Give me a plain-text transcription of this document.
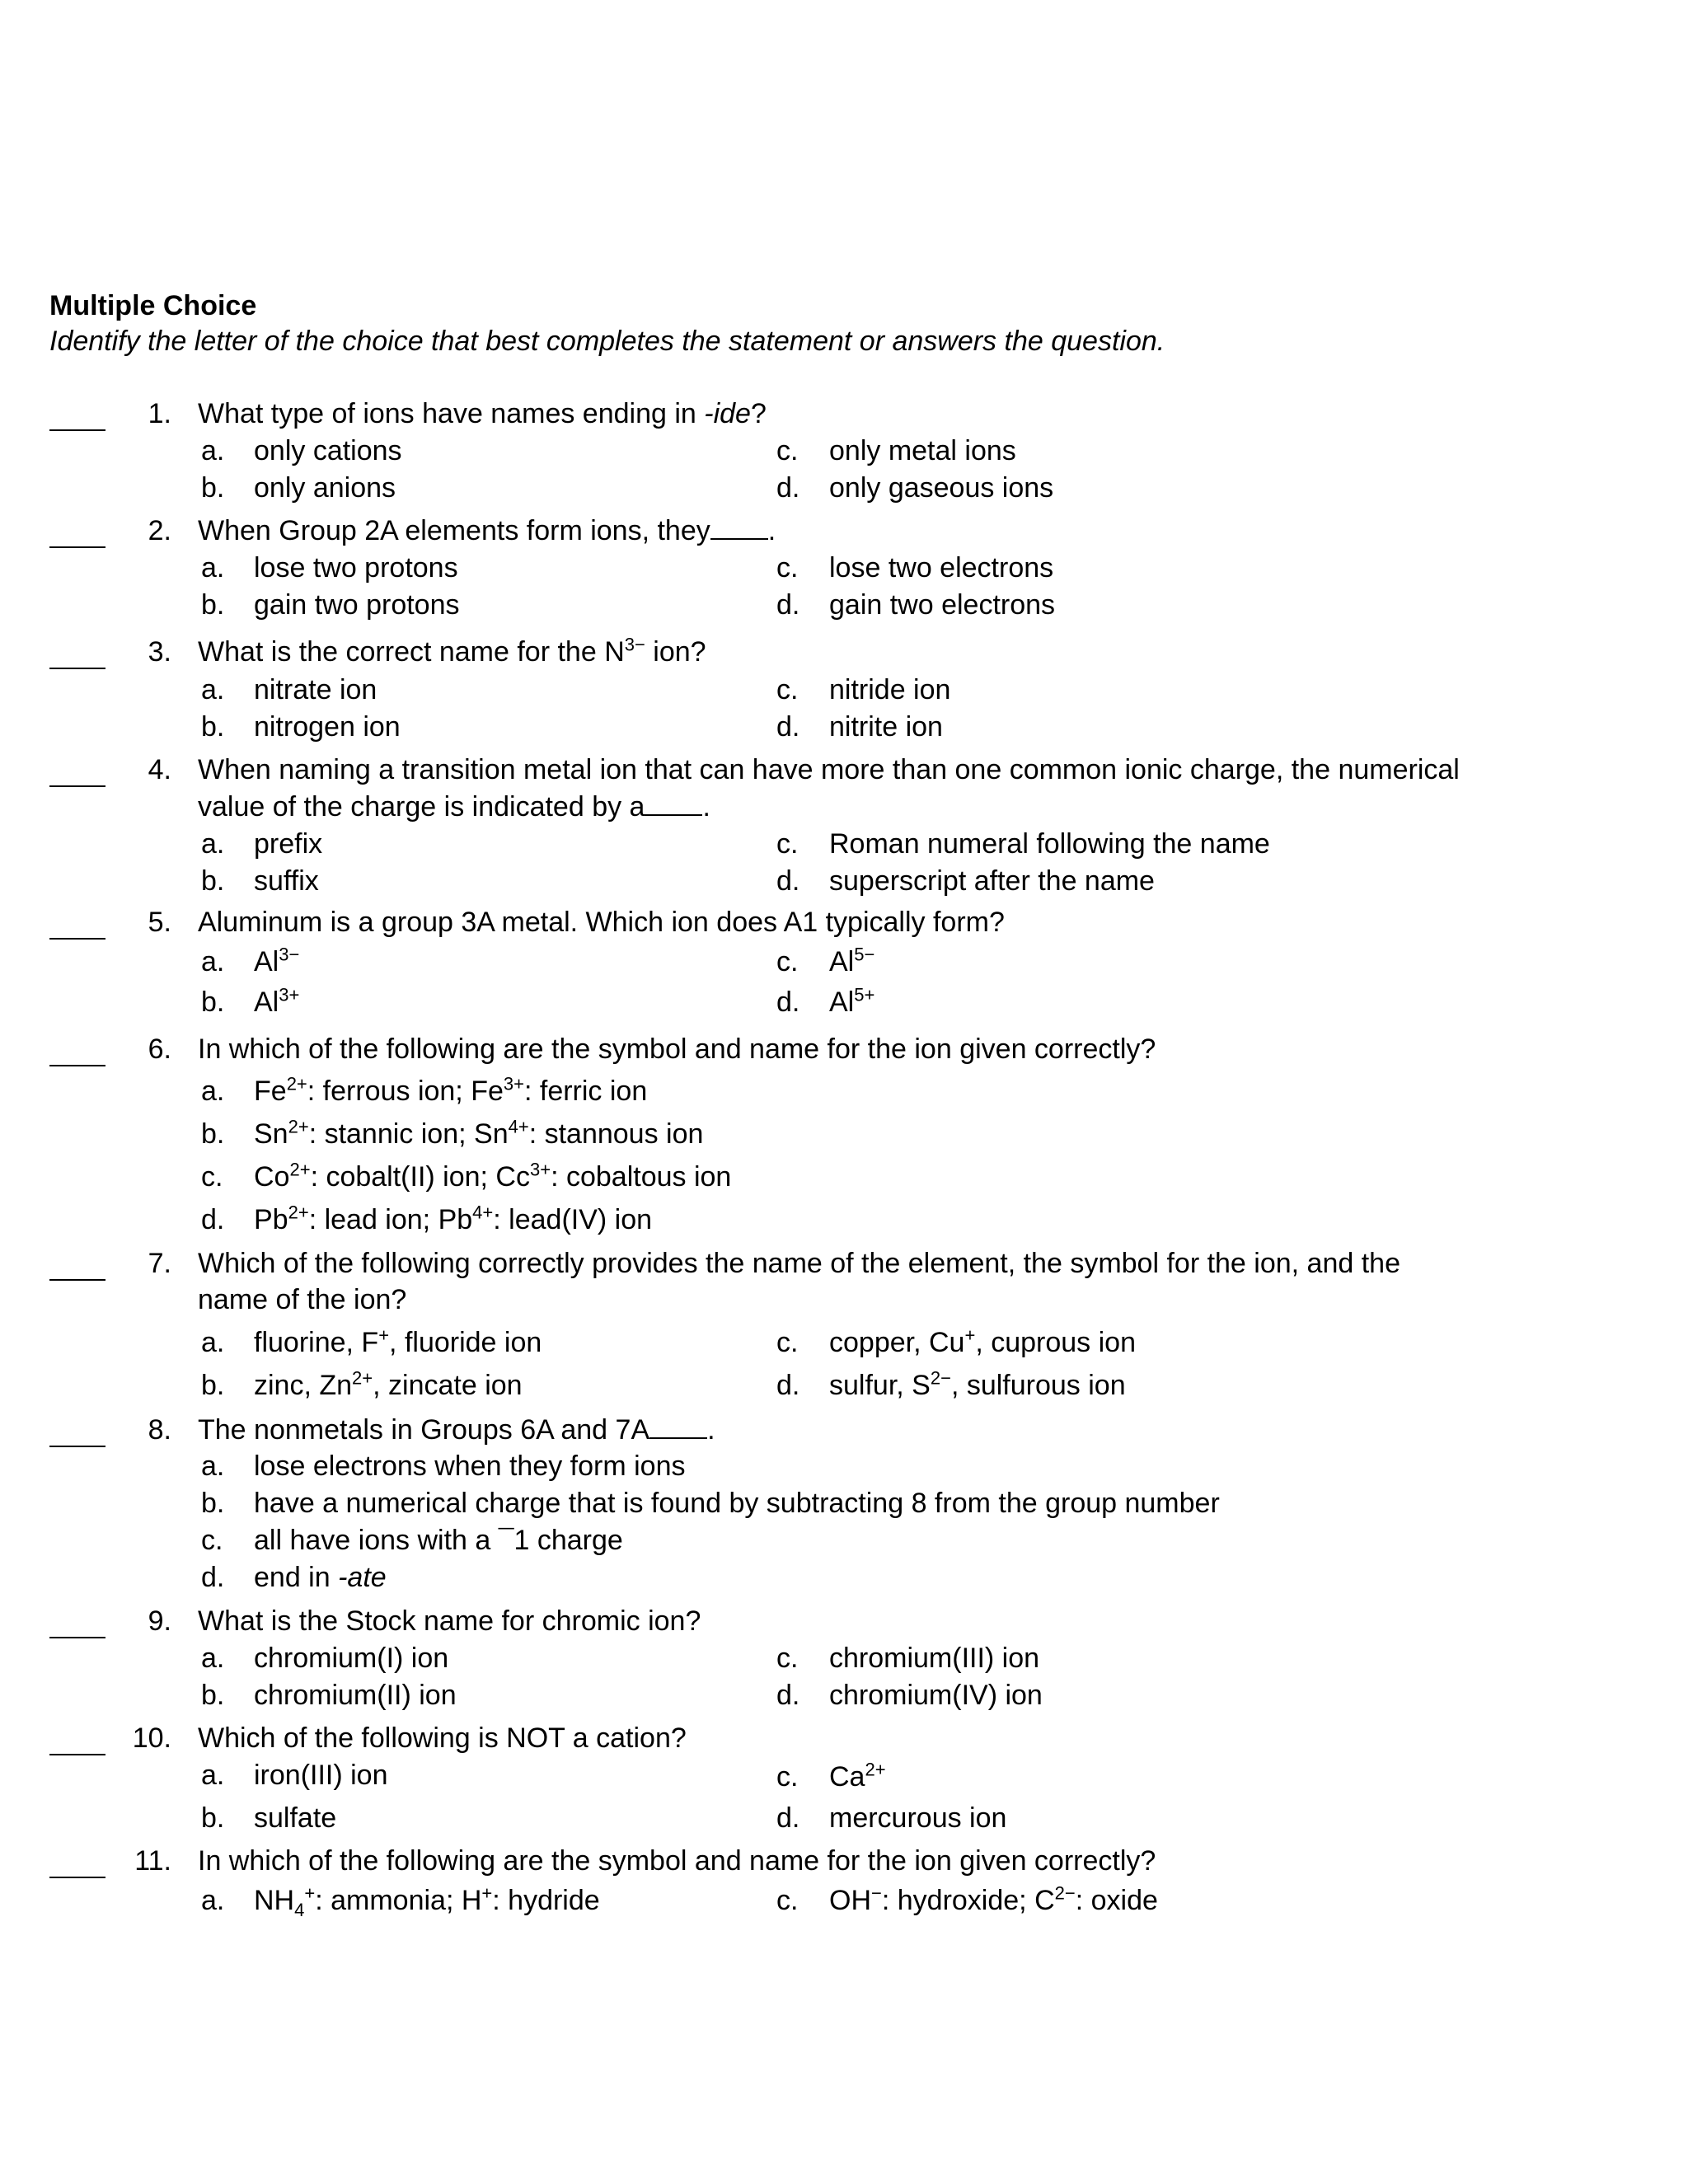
Multiple Choice
Identify the letter of the choice that best completes the statement or answers the question.
1. What type of ions have names ending in -ide?
a. only cations
b. only anions
c. only metal ions
d. only gaseous ions
2. When Group 2A elements form ions, they .
a. lose two protons
b. gain two protons
c. lose two electrons
d. gain two electrons
3. What is the correct name for the $N^{3-}$ ion?
a. nitrate ion
b. nitrogen ion
c. nitride ion
d. nitrite ion
4. When naming a transition metal ion that can have more than one common ionic charge, the numerical
value of the charge is indicated by a .
a. prefix
b. suffix
c. Roman numeral following the name
d. superscript after the name
5. Aluminum is a group 3A metal. Which ion does A1 typically form?
a. $Al^{3-}$
b. $Al^{3+}$
c. $Al^{5-}$
d. $Al^{5+}$
6. In which of the following are the symbol and name for the ion given correctly?
a. $Fe^{2+}$: ferrous ion; $Fe^{3+}$: ferric ion
b. $Sn^{2+}$: stannic ion; $Sn^{4+}$: stannous ion
c. $Co^{2+}$: cobalt(II) ion; $Cc^{3+}$: cobaltous ion
d. $Pb^{2+}$: lead ion; $Pb^{4+}$: lead(IV) ion
7. Which of the following correctly provides the name of the element, the symbol for the ion, and the
name of the ion?
a. fluorine, F+, fluoride ion
b. zinc, $Zn^{2+}$, zincate ion
c. copper, Cu+, cuprous ion
d. sulfur, $S^{2-}$, sulfurous ion
8. The nonmetals in Groups 6A and 7A .
a. lose electrons when they form ions
b. have a numerical charge that is found by subtracting 8 from the group number
c. all have ions with a ¯1 charge
d. end in -ate
9. What is the Stock name for chromic ion?
a. chromium(I) ion
b. chromium(II) ion
c. chromium(III) ion
d. chromium(IV) ion
10. Which of the following is NOT a cation?
a. iron(III) ion
b. sulfate
c. $Ca^{2+}$
d. mercurous ion
11. In which of the following are the symbol and name for the ion given correctly?
a. $NH_4^+$: ammonia; H+: hydride	c. OH−: hydroxide; $C^{2-}$: oxide
